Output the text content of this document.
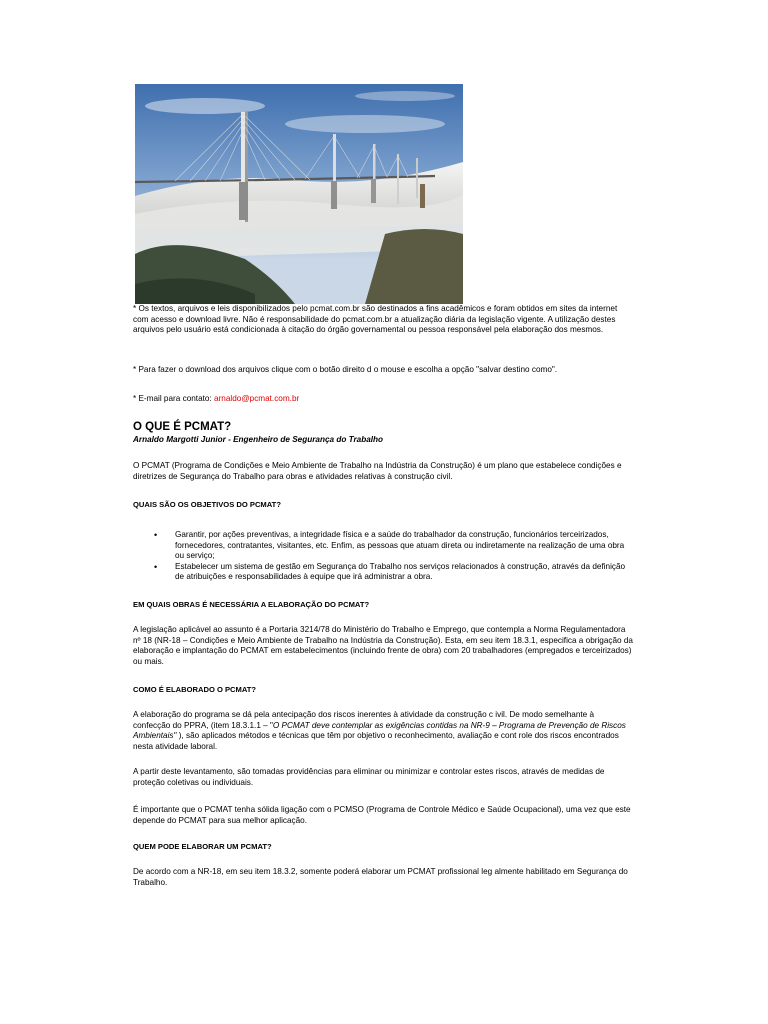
* Os textos, arquivos e leis disponibilizados pelo pcmat.com.br são destinados a fins acadêmicos e foram obtidos em sites da internet com acesso e download livre. Não é responsabilidade do pcmat.com.br a atualização diária da legislação vigente. A utilização destes arquivos pelo usuário está condicionada à citação do órgão governamental ou pessoa responsável pela elaboração dos mesmos.
* Para fazer o download dos arquivos clique com o botão direito d o mouse e escolha a opção "salvar destino como".
* E-mail para contato: arnaldo@pcmat.com.br
O QUE É PCMAT?
Arnaldo Margotti Junior - Engenheiro de Segurança do Trabalho
O PCMAT (Programa de Condições e Meio Ambiente de Trabalho na Indústria da Construção) é um plano que estabelece condições e diretrizes de Segurança do Trabalho para obras e atividades relativas à construção civil.
QUAIS SÃO OS OBJETIVOS DO PCMAT?
• Garantir, por ações preventivas, a integridade física e a saúde do trabalhador da construção, funcionários terceirizados, fornecedores, contratantes, visitantes, etc. Enfim, as pessoas que atuam direta ou indiretamente na realização de uma obra ou serviço;
• Estabelecer um sistema de gestão em Segurança do Trabalho nos serviços relacionados à construção, através da definição de atribuições e responsabilidades à equipe que irá administrar a obra.
EM QUAIS OBRAS É NECESSÁRIA A ELABORAÇÃO DO PCMAT?
A legislação aplicável ao assunto é a Portaria 3214/78 do Ministério do Trabalho e Emprego, que contempla a Norma Regulamentadora nº 18 (NR-18 – Condições e Meio Ambiente de Trabalho na Indústria da Construção). Esta, em seu item 18.3.1, especifica a obrigação da elaboração e implantação do PCMAT em estabelecimentos (incluindo frente de obra) com 20 trabalhadores (empregados e terceirizados) ou mais.
COMO É ELABORADO O PCMAT?
A elaboração do programa se dá pela antecipação dos riscos inerentes à atividade da construção c ivil. De modo semelhante à confecção do PPRA, (item 18.3.1.1 – "O PCMAT deve contemplar as exigências contidas na NR-9 – Programa de Prevenção de Riscos Ambientais" ), são aplicados métodos e técnicas que têm por objetivo o reconhecimento, avaliação e cont role dos riscos encontrados nesta atividade laboral.
A partir deste levantamento, são tomadas providências para eliminar ou minimizar e controlar estes riscos, através de medidas de proteção coletivas ou individuais.
É importante que o PCMAT tenha sólida ligação com o PCMSO (Programa de Controle Médico e Saúde Ocupacional), uma vez que este depende do PCMAT para sua melhor aplicação.
QUEM PODE ELABORAR UM PCMAT?
De acordo com a NR-18, em seu item 18.3.2, somente poderá elaborar um PCMAT profissional leg almente habilitado em Segurança do Trabalho.
